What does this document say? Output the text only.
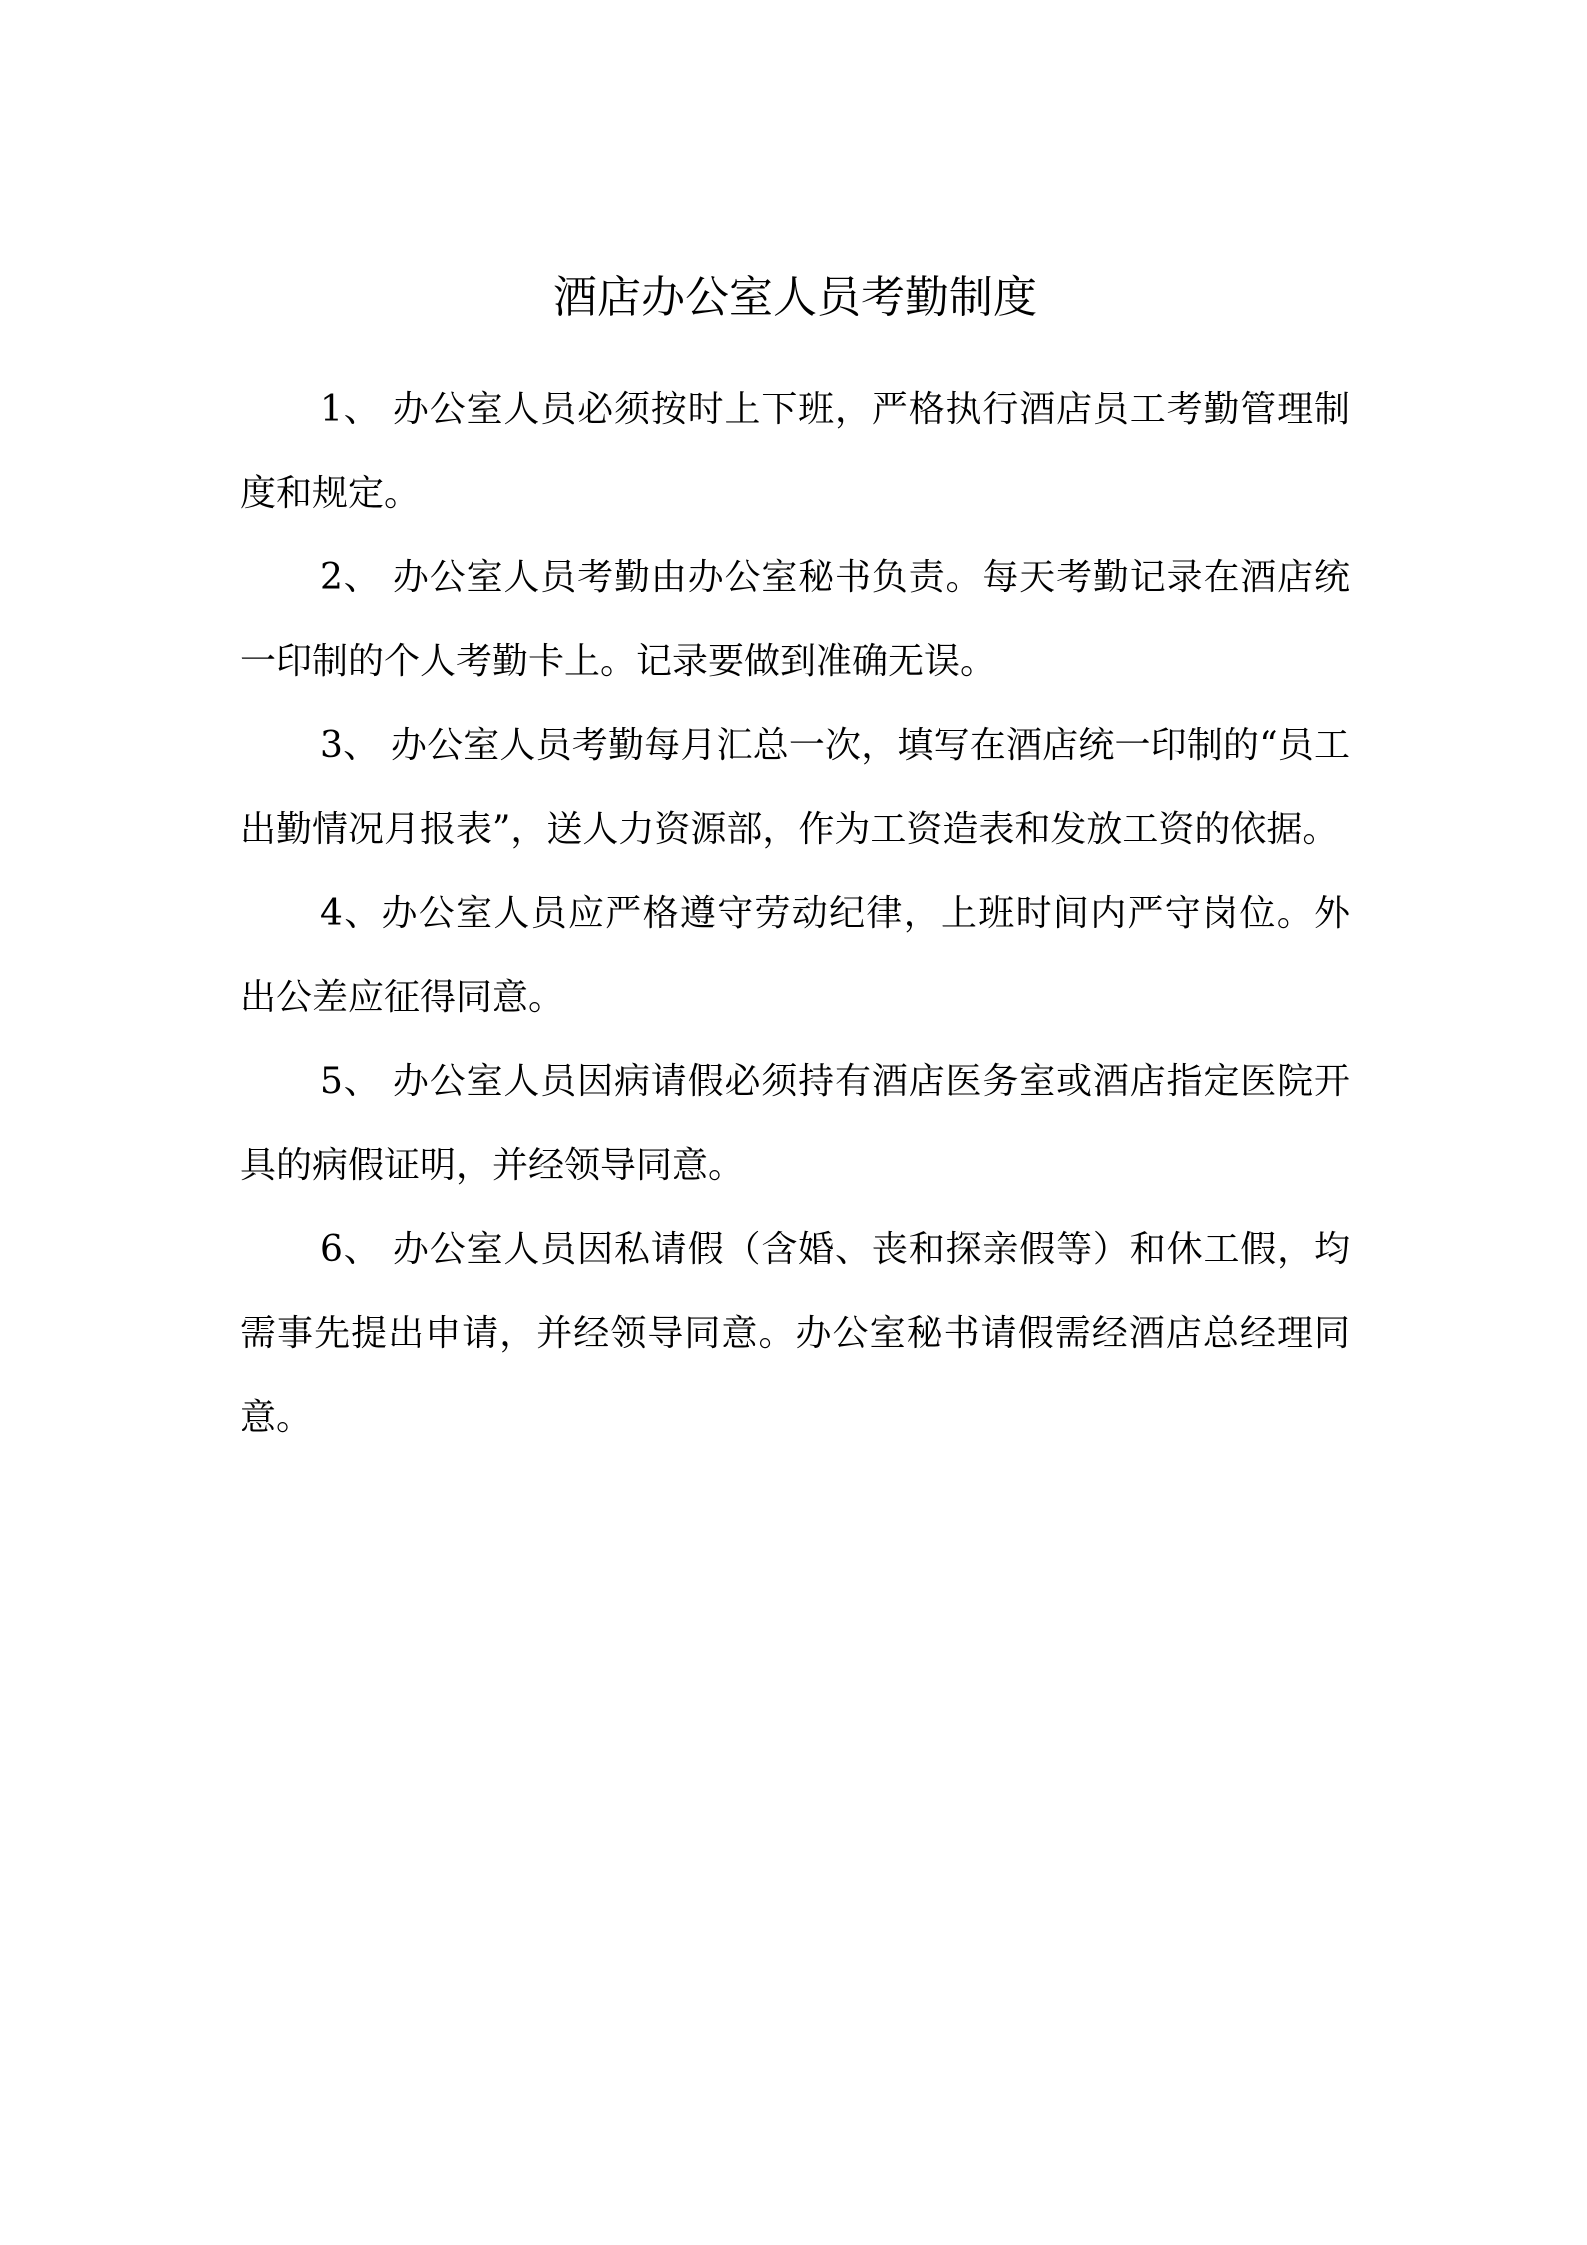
酒店办公室人员考勤制度

1、 办公室人员必须按时上下班，严格执行酒店员工考勤管理制度和规定。

2、 办公室人员考勤由办公室秘书负责。每天考勤记录在酒店统一印制的个人考勤卡上。记录要做到准确无误。

3、 办公室人员考勤每月汇总一次，填写在酒店统一印制的“员工出勤情况月报表”，送人力资源部，作为工资造表和发放工资的依据。

4、办公室人员应严格遵守劳动纪律，上班时间内严守岗位。外出公差应征得同意。

5、 办公室人员因病请假必须持有酒店医务室或酒店指定医院开具的病假证明，并经领导同意。

6、 办公室人员因私请假（含婚、丧和探亲假等）和休工假，均需事先提出申请，并经领导同意。办公室秘书请假需经酒店总经理同意。
